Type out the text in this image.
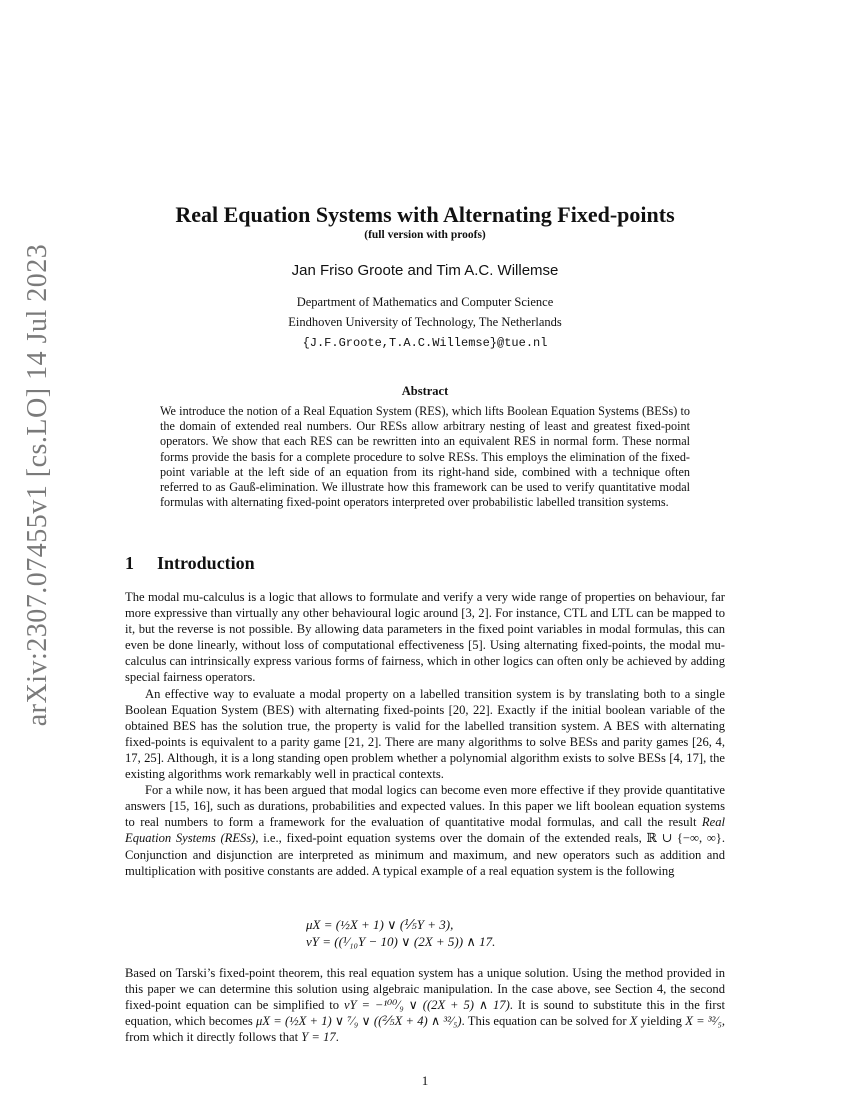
arXiv:2307.07455v1 [cs.LO] 14 Jul 2023
Real Equation Systems with Alternating Fixed-points
(full version with proofs)
Jan Friso Groote and Tim A.C. Willemse
Department of Mathematics and Computer Science
Eindhoven University of Technology, The Netherlands
{J.F.Groote,T.A.C.Willemse}@tue.nl
Abstract
We introduce the notion of a Real Equation System (RES), which lifts Boolean Equation Systems (BESs) to the domain of extended real numbers. Our RESs allow arbitrary nesting of least and greatest fixed-point operators. We show that each RES can be rewritten into an equivalent RES in normal form. These normal forms provide the basis for a complete procedure to solve RESs. This employs the elimination of the fixed-point variable at the left side of an equation from its right-hand side, combined with a technique often referred to as Gauß-elimination. We illustrate how this framework can be used to verify quantitative modal formulas with alternating fixed-point operators interpreted over probabilistic labelled transition systems.
1 Introduction

The modal mu-calculus is a logic that allows to formulate and verify a very wide range of properties on behaviour, far more expressive than virtually any other behavioural logic around [3, 2]. For instance, CTL and LTL can be mapped to it, but the reverse is not possible. By allowing data parameters in the fixed point variables in modal formulas, this can even be done linearly, without loss of computational effectiveness [5]. Using alternating fixed-points, the modal mu-calculus can intrinsically express various forms of fairness, which in other logics can often only be achieved by adding special fairness operators.

An effective way to evaluate a modal property on a labelled transition system is by translating both to a single Boolean Equation System (BES) with alternating fixed-points [20, 22]. Exactly if the initial boolean variable of the obtained BES has the solution true, the property is valid for the labelled transition system. A BES with alternating fixed-points is equivalent to a parity game [21, 2]. There are many algorithms to solve BESs and parity games [26, 4, 17, 25]. Although, it is a long standing open problem whether a polynomial algorithm exists to solve BESs [4, 17], the existing algorithms work remarkably well in practical contexts.

For a while now, it has been argued that modal logics can become even more effective if they provide quantitative answers [15, 16], such as durations, probabilities and expected values. In this paper we lift boolean equation systems to real numbers to form a framework for the evaluation of quantitative modal formulas, and call the result Real Equation Systems (RESs), i.e., fixed-point equation systems over the domain of the extended reals, ℝ ∪ {−∞, ∞}. Conjunction and disjunction are interpreted as minimum and maximum, and new operators such as addition and multiplication with positive constants are added. A typical example of a real equation system is the following

μX = (½X + 1) ∨ (⅕Y + 3),
νY = ((¹⁄₁₀Y − 10) ∨ (2X + 5)) ∧ 17.

Based on Tarski’s fixed-point theorem, this real equation system has a unique solution. Using the method provided in this paper we can determine this solution using algebraic manipulation. In the case above, see Section 4, the second fixed-point equation can be simplified to νY = −¹⁰⁰⁄₉ ∨ ((2X + 5) ∧ 17). It is sound to substitute this in the first equation, which becomes μX = (½X + 1) ∨ ⁷⁄₉ ∨ ((⅖X + 4) ∧ ³²⁄₅). This equation can be solved for X yielding X = ³²⁄₅, from which it directly follows that Y = 17.

1
